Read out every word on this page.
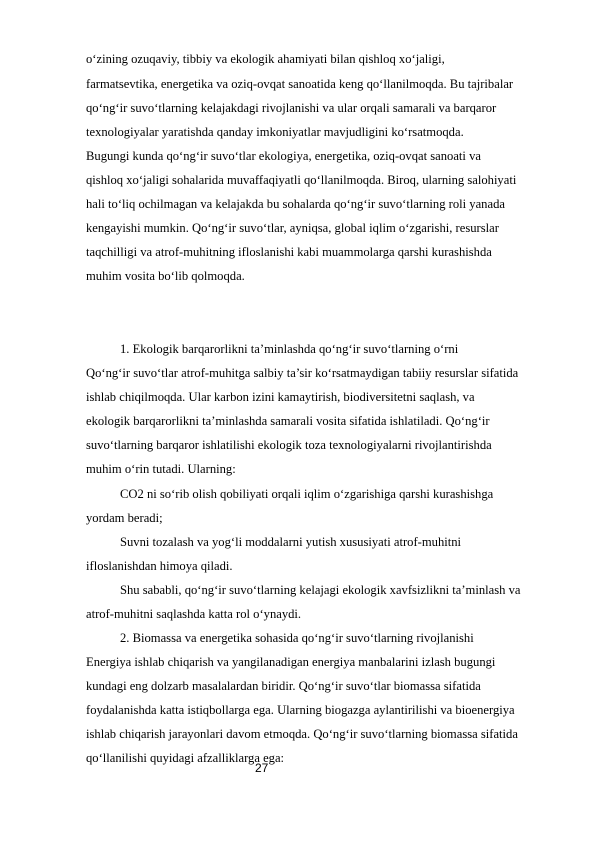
o‘zining ozuqaviy, tibbiy va ekologik ahamiyati bilan qishloq xo‘jaligi,
farmatsevtika, energetika va oziq-ovqat sanoatida keng qo‘llanilmoqda. Bu tajribalar
qo‘ng‘ir suvo‘tlarning kelajakdagi rivojlanishi va ular orqali samarali va barqaror
texnologiyalar yaratishda qanday imkoniyatlar mavjudligini ko‘rsatmoqda.
Bugungi kunda qo‘ng‘ir suvo‘tlar ekologiya, energetika, oziq-ovqat sanoati va
qishloq xo‘jaligi sohalarida muvaffaqiyatli qo‘llanilmoqda. Biroq, ularning salohiyati
hali to‘liq ochilmagan va kelajakda bu sohalarda qo‘ng‘ir suvo‘tlarning roli yanada
kengayishi mumkin. Qo‘ng‘ir suvo‘tlar, ayniqsa, global iqlim o‘zgarishi, resurslar
taqchilligi va atrof-muhitning ifloslanishi kabi muammolarga qarshi kurashishda
muhim vosita bo‘lib qolmoqda.
1. Ekologik barqarorlikni ta’minlashda qo‘ng‘ir suvo‘tlarning o‘rni
Qo‘ng‘ir suvo‘tlar atrof-muhitga salbiy ta’sir ko‘rsatmaydigan tabiiy resurslar sifatida
ishlab chiqilmoqda. Ular karbon izini kamaytirish, biodiversitetni saqlash, va
ekologik barqarorlikni ta’minlashda samarali vosita sifatida ishlatiladi. Qo‘ng‘ir
suvo‘tlarning barqaror ishlatilishi ekologik toza texnologiyalarni rivojlantirishda
muhim o‘rin tutadi. Ularning:
CO2 ni so‘rib olish qobiliyati orqali iqlim o‘zgarishiga qarshi kurashishga
yordam beradi;
Suvni tozalash va yog‘li moddalarni yutish xususiyati atrof-muhitni
ifloslanishdan himoya qiladi.
Shu sababli, qo‘ng‘ir suvo‘tlarning kelajagi ekologik xavfsizlikni ta’minlash va
atrof-muhitni saqlashda katta rol o‘ynaydi.
2. Biomassa va energetika sohasida qo‘ng‘ir suvo‘tlarning rivojlanishi
Energiya ishlab chiqarish va yangilanadigan energiya manbalarini izlash bugungi
kundagi eng dolzarb masalalardan biridir. Qo‘ng‘ir suvo‘tlar biomassa sifatida
foydalanishda katta istiqbollarga ega. Ularning biogazga aylantirilishi va bioenergiya
ishlab chiqarish jarayonlari davom etmoqda. Qo‘ng‘ir suvo‘tlarning biomassa sifatida
qo‘llanilishi quyidagi afzalliklarga ega:
27
